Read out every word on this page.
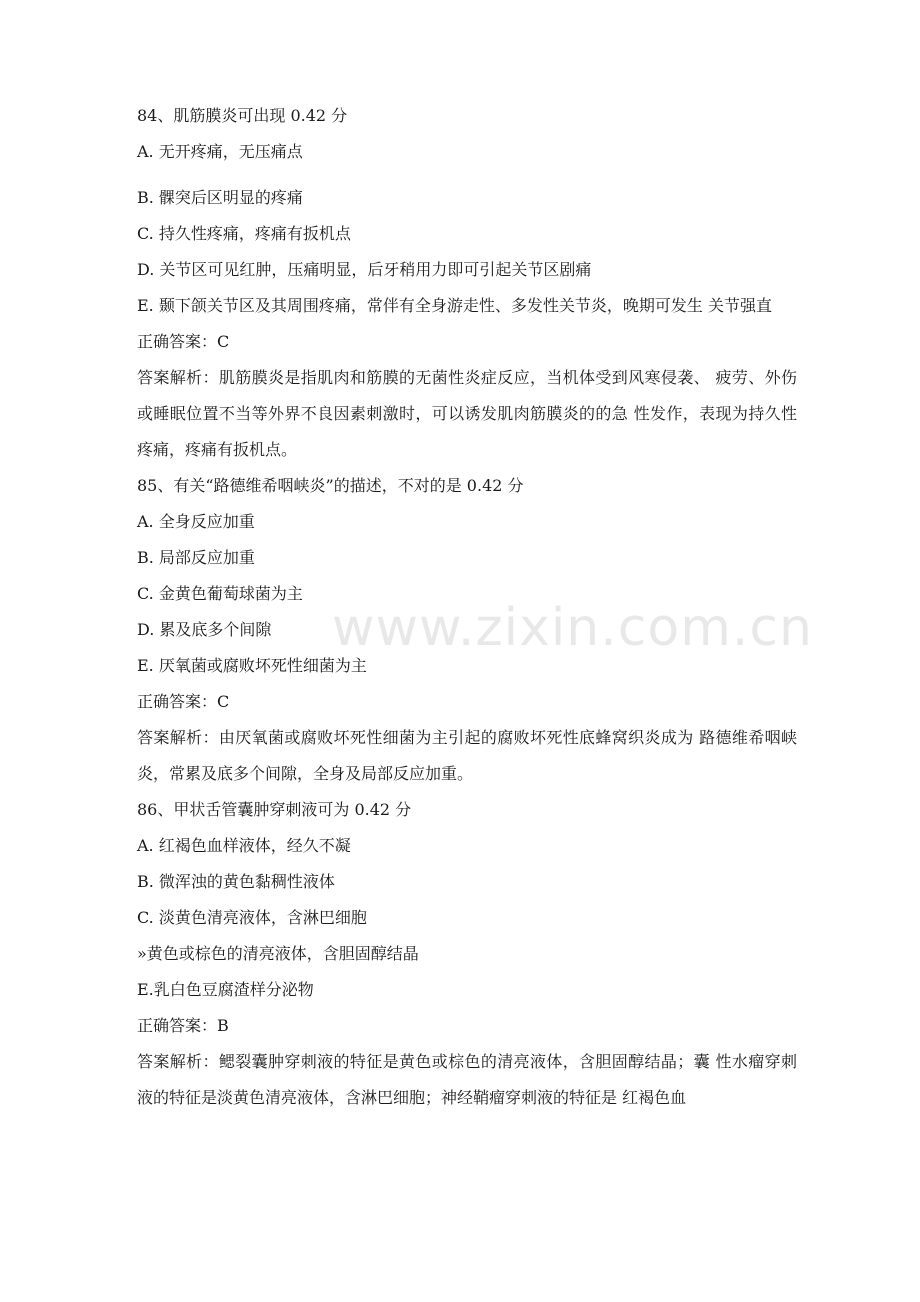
www.zixin.com.cn

84、肌筋膜炎可出现 0.42 分

A. 无开疼痛，无压痛点

B. 髁突后区明显的疼痛

C. 持久性疼痛，疼痛有扳机点

D. 关节区可见红肿，压痛明显，后牙稍用力即可引起关节区剧痛

E. 颞下颌关节区及其周围疼痛，常伴有全身游走性、多发性关节炎，晚期可发生 关节强直

正确答案：C

答案解析：肌筋膜炎是指肌肉和筋膜的无菌性炎症反应，当机体受到风寒侵袭、 疲劳、外伤或睡眠位置不当等外界不良因素刺激时，可以诱发肌肉筋膜炎的的急 性发作，表现为持久性疼痛，疼痛有扳机点。

85、有关“路德维希咽峡炎”的描述，不对的是 0.42 分

A. 全身反应加重

B. 局部反应加重

C. 金黄色葡萄球菌为主

D. 累及底多个间隙

E. 厌氧菌或腐败坏死性细菌为主

正确答案：C

答案解析：由厌氧菌或腐败坏死性细菌为主引起的腐败坏死性底蜂窝织炎成为 路德维希咽峡炎，常累及底多个间隙，全身及局部反应加重。

86、甲状舌管囊肿穿刺液可为 0.42 分

A. 红褐色血样液体，经久不凝

B. 微浑浊的黄色黏稠性液体

C. 淡黄色清亮液体，含淋巴细胞

»黄色或棕色的清亮液体，含胆固醇结晶

E.乳白色豆腐渣样分泌物

正确答案：B

答案解析：鳃裂囊肿穿刺液的特征是黄色或棕色的清亮液体，含胆固醇结晶；囊 性水瘤穿刺液的特征是淡黄色清亮液体，含淋巴细胞；神经鞘瘤穿刺液的特征是 红褐色血
